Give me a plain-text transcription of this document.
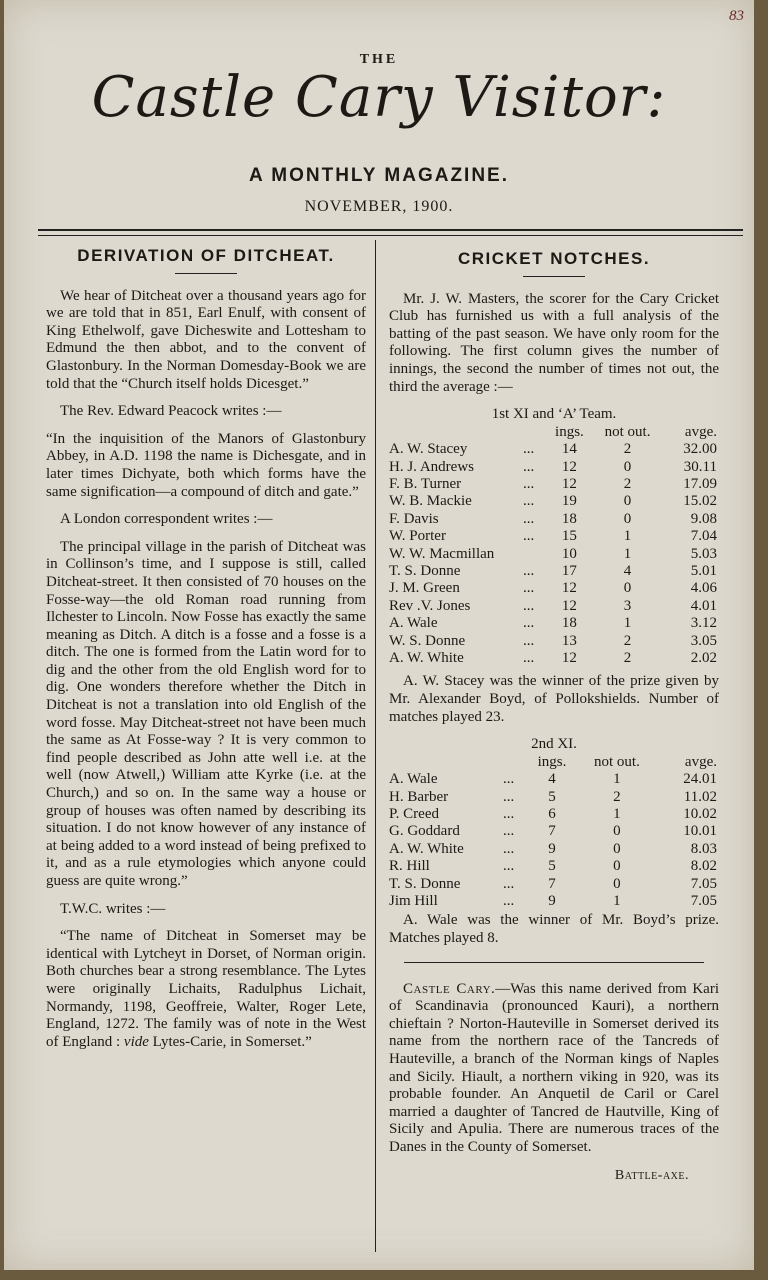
83
THE
Castle Cary Visitor:
A MONTHLY MAGAZINE.
NOVEMBER, 1900.
DERIVATION OF DITCHEAT.

We hear of Ditcheat over a thousand years ago for we are told that in 851, Earl Enulf, with consent of King Ethelwolf, gave Dicheswite and Lottesham to Edmund the then abbot, and to the convent of Glastonbury. In the Norman Domesday-Book we are told that the “Church itself holds Dicesget.”

The Rev. Edward Peacock writes :—

“In the inquisition of the Manors of Glastonbury Abbey, in A.D. 1198 the name is Dichesgate, and in later times Dichyate, both which forms have the same signification—a compound of ditch and gate.”

A London correspondent writes :—

The principal village in the parish of Ditcheat was in Collinson’s time, and I suppose is still, called Ditcheat-street. It then consisted of 70 houses on the Fosse-way—the old Roman road running from Ilchester to Lincoln. Now Fosse has exactly the same meaning as Ditch. A ditch is a fosse and a fosse is a ditch. The one is formed from the Latin word for to dig and the other from the old English word for to dig. One wonders therefore whether the Ditch in Ditcheat is not a translation into old English of the word fosse. May Ditcheat-street not have been much the same as At Fosse-way ? It is very common to find people described as John atte well i.e. at the well (now Atwell,) William atte Kyrke (i.e. at the Church,) and so on. In the same way a house or group of houses was often named by describing its situation. I do not know however of any instance of at being added to a word instead of being prefixed to it, and as a rule etymologies which anyone could guess are quite wrong.”

T.W.C. writes :—

“The name of Ditcheat in Somerset may be identical with Lytcheyt in Dorset, of Norman origin. Both churches bear a strong resemblance. The Lytes were originally Lichaits, Radulphus Lichait, Normandy, 1198, Geoffreie, Walter, Roger Lete, England, 1272. The family was of note in the West of England : vide Lytes-Carie, in Somerset.”

CRICKET NOTCHES.

Mr. J. W. Masters, the scorer for the Cary Cricket Club has furnished us with a full analysis of the batting of the past season. We have only room for the following. The first column gives the number of innings, the second the number of times not out, the third the average :—

1st XI and ‘A’ Team.
		ings.	not out.	avge.
A. W. Stacey	...	14	2	32.00
H. J. Andrews	...	12	0	30.11
F. B. Turner	...	12	2	17.09
W. B. Mackie	...	19	0	15.02
F. Davis	...	18	0	9.08
W. Porter	...	15	1	7.04
W. W. Macmillan		10	1	5.03
T. S. Donne	...	17	4	5.01
J. M. Green	...	12	0	4.06
Rev .V. Jones	...	12	3	4.01
A. Wale	...	18	1	3.12
W. S. Donne	...	13	2	3.05
A. W. White	...	12	2	2.02

A. W. Stacey was the winner of the prize given by Mr. Alexander Boyd, of Pollokshields. Number of matches played 23.

2nd XI.
		ings.	not out.	avge.
A. Wale	...	4	1	24.01
H. Barber	...	5	2	11.02
P. Creed	...	6	1	10.02
G. Goddard	...	7	0	10.01
A. W. White	...	9	0	8.03
R. Hill	...	5	0	8.02
T. S. Donne	...	7	0	7.05
Jim Hill	...	9	1	7.05

A. Wale was the winner of Mr. Boyd’s prize. Matches played 8.

Castle Cary.—Was this name derived from Kari of Scandinavia (pronounced Kauri), a northern chieftain ? Norton-Hauteville in Somerset derived its name from the northern race of the Tancreds of Hauteville, a branch of the Norman kings of Naples and Sicily. Hiault, a northern viking in 920, was its probable founder. An Anquetil de Caril or Carel married a daughter of Tancred de Hautville, King of Sicily and Apulia. There are numerous traces of the Danes in the County of Somerset.

Battle-axe.
